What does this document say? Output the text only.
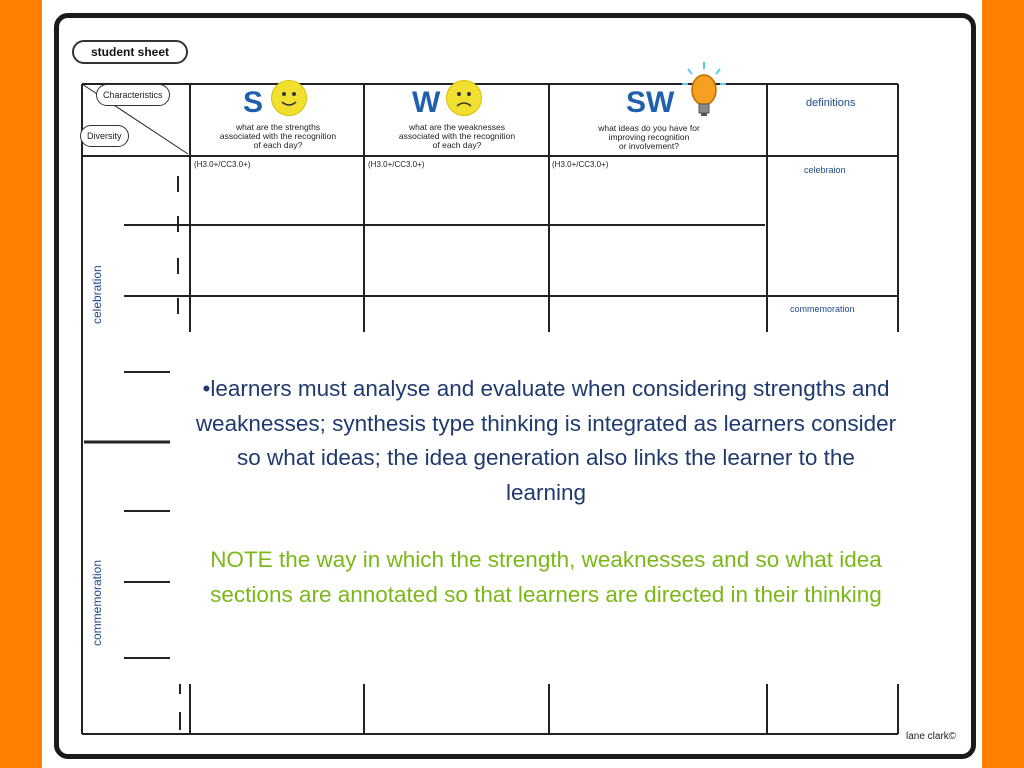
student sheet
Characteristics
Diversity
S
what are the strengths
associated with the recognition
of each day?
(H3.0+/CC3.0+)
W
what are the weaknesses
associated with the recognition
of each day?
(H3.0+/CC3.0+)
SW
what ideas do you have for
improving recognition
or involvement?
(H3.0+/CC3.0+)
definitions
celebraion
commemoration
celebration
commemoration
lane clark©
•learners must analyse and evaluate when considering strengths and weaknesses; synthesis type thinking is integrated as learners consider so what ideas; the idea generation also links the learner to the learning
NOTE the way in which the strength, weaknesses and so what idea sections are annotated so that learners are directed in their thinking
